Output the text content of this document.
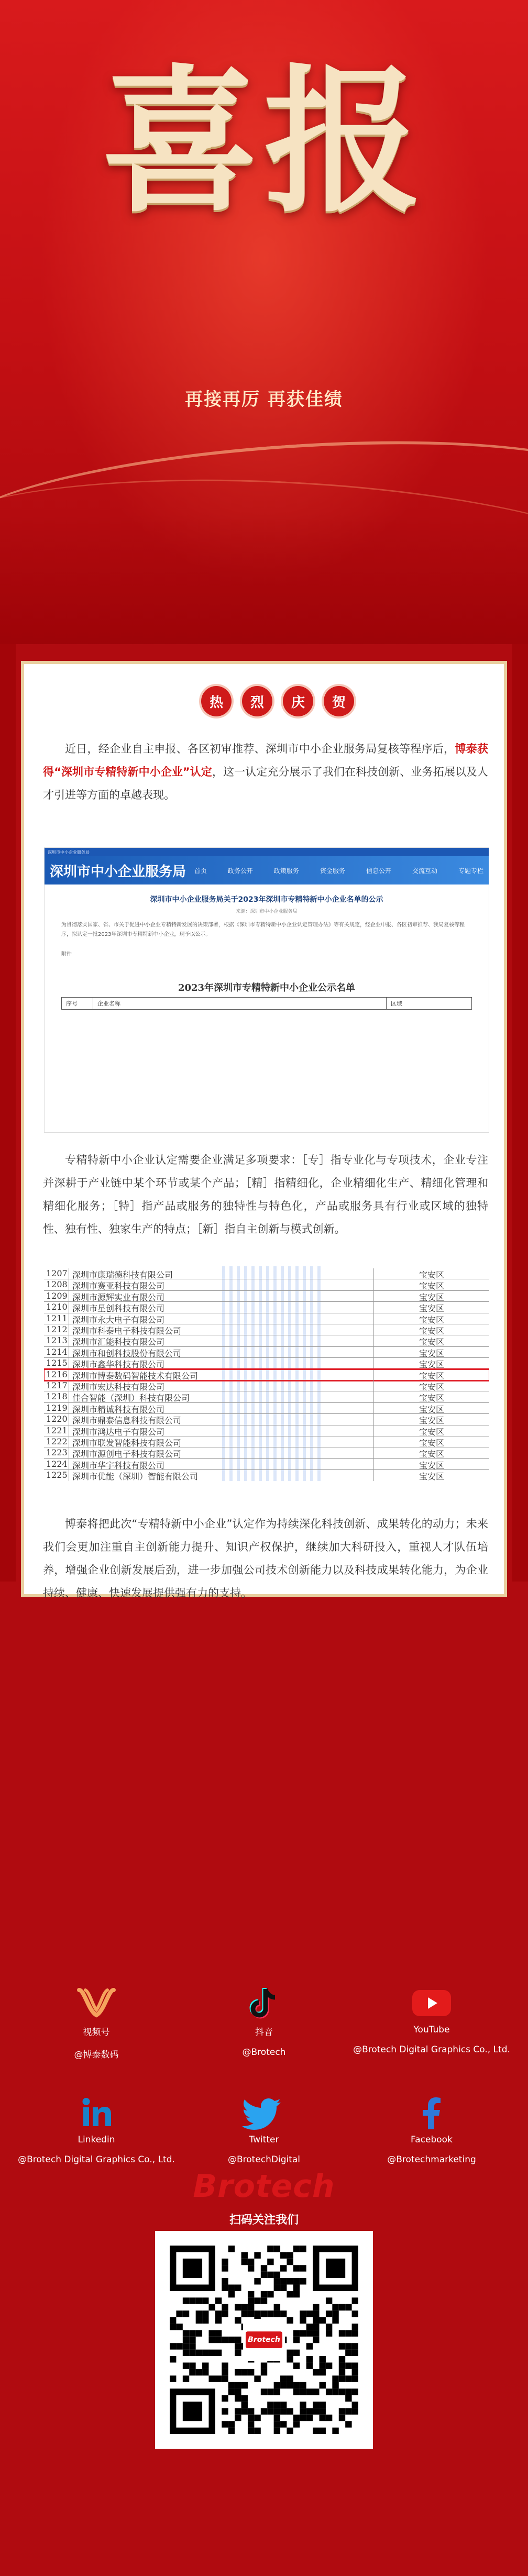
喜报
再接再厉 再获佳绩
热	烈	庆	贺
近日，经企业自主申报、各区初审推荐、深圳市中小企业服务局复核等程序后，博泰获得“深圳市专精特新中小企业”认定，这一认定充分展示了我们在科技创新、业务拓展以及人才引进等方面的卓越表现。
深圳市中小企业服务局
深圳市中小企业服务局 首页	政务公开	政策服务	资金服务	信息公开	交流互动	专题专栏
深圳市中小企业服务局关于2023年深圳市专精特新中小企业名单的公示
来源：深圳市中小企业服务局

为贯彻落实国家、省、市关于促进中小企业专精特新发展的决策部署，根据《深圳市专精特新中小企业认定管理办法》等有关规定，经企业申报、各区初审推荐、我局复核等程序，拟认定一批2023年深圳市专精特新中小企业，现予以公示。

附件

2023年深圳市专精特新中小企业公示名单
序号	企业名称	区域
专精特新中小企业认定需要企业满足多项要求：［专］指专业化与专项技术，企业专注并深耕于产业链中某个环节或某个产品；［精］指精细化，企业精细化生产、精细化管理和精细化服务；［特］指产品或服务的独特性与特色化，产品或服务具有行业或区域的独特性、独有性、独家生产的特点；［新］指自主创新与模式创新。
1207 深圳市康瑞德科技有限公司	宝安区
1208 深圳市赛亚科技有限公司	宝安区
1209 深圳市源辉实业有限公司	宝安区
1210 深圳市星创科技有限公司	宝安区
1211 深圳市永大电子有限公司	宝安区
1212 深圳市科泰电子科技有限公司	宝安区
1213 深圳市汇能科技有限公司	宝安区
1214 深圳市和创科技股份有限公司	宝安区
1215 深圳市鑫华科技有限公司	宝安区
1216 深圳市博泰数码智能技术有限公司	宝安区
1217 深圳市宏达科技有限公司	宝安区
1218 佳合智能（深圳）科技有限公司	宝安区
1219 深圳市精诚科技有限公司	宝安区
1220 深圳市鼎泰信息科技有限公司	宝安区
1221 深圳市鸿达电子有限公司	宝安区
1222 深圳市联发智能科技有限公司	宝安区
1223 深圳市源创电子科技有限公司	宝安区
1224 深圳市华宇科技有限公司	宝安区
1225 深圳市优能（深圳）智能有限公司	宝安区
博泰将把此次“专精特新中小企业”认定作为持续深化科技创新、成果转化的动力；未来我们会更加注重自主创新能力提升、知识产权保护，继续加大科研投入，重视人才队伍培养，增强企业创新发展后劲，进一步加强公司技术创新能力以及科技成果转化能力，为企业持续、健康、快速发展提供强有力的支持。
视频号
@博泰数码
抖音
@Brotech
YouTube
@Brotech Digital Graphics Co., Ltd.
Linkedin
@Brotech Digital Graphics Co., Ltd.
Twitter
@BrotechDigital
Facebook
@Brotechmarketing
Brotech
扫码关注我们
Brotech
